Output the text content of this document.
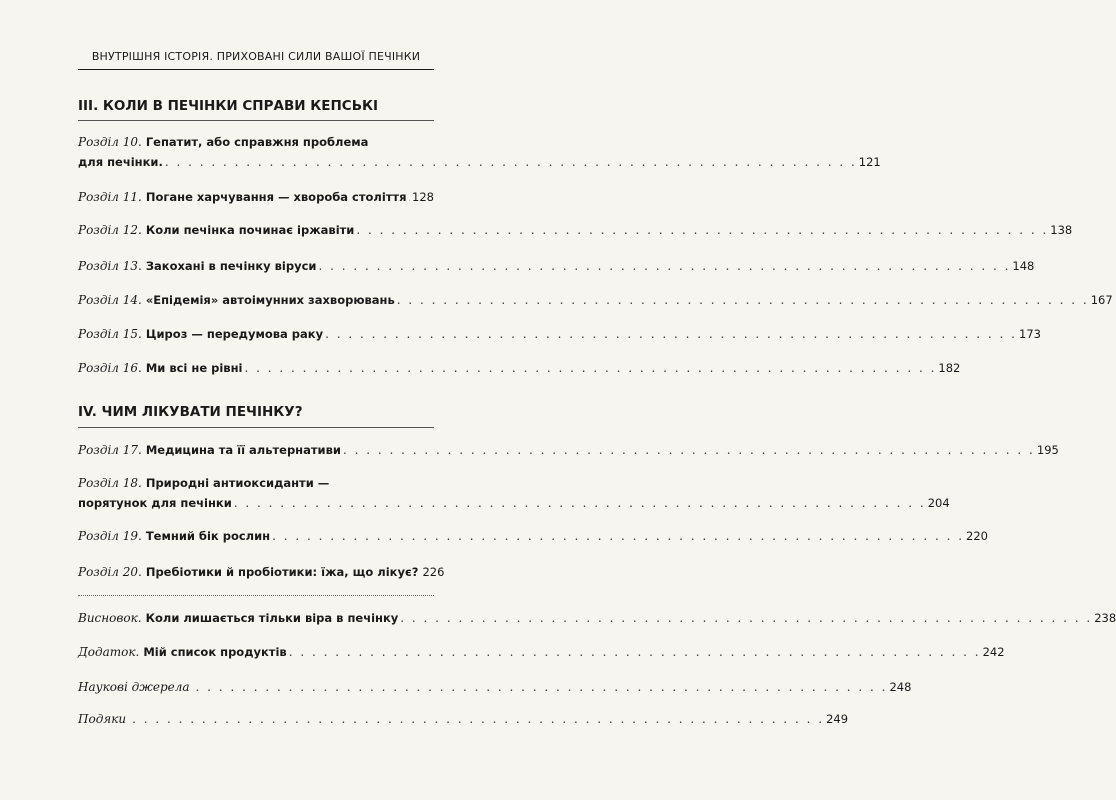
ВНУТРІШНЯ ІСТОРІЯ. ПРИХОВАНІ СИЛИ ВАШОЇ ПЕЧІНКИ
III. КОЛИ В ПЕЧІНКИ СПРАВИ КЕПСЬКІ
Розділ 10. Гепатит, або справжня проблема
для печінки. . . .	121
Розділ 11. Погане харчування — хвороба століття . . . 128
Розділ 12. Коли печінка починає іржавіти . . .	138
Розділ 13. Закохані в печінку віруси . . .	148
Розділ 14. «Епідемія» автоімунних захворювань . . .	167
Розділ 15. Цироз — передумова раку . . .	173
Розділ 16. Ми всі не рівні . . .	182
IV. ЧИМ ЛІКУВАТИ ПЕЧІНКУ?
Розділ 17. Медицина та її альтернативи . . .	195
Розділ 18. Природні антиоксиданти —
порятунок для печінки . . .	204
Розділ 19. Темний бік рослин . . .	220
Розділ 20. Пребіотики й пробіотики: їжа, що лікує? 226
Висновок. Коли лишається тільки віра в печінку . . .	238
Додаток. Мій список продуктів . . .	242
Наукові джерела . . .	248
Подяки . . .	249
